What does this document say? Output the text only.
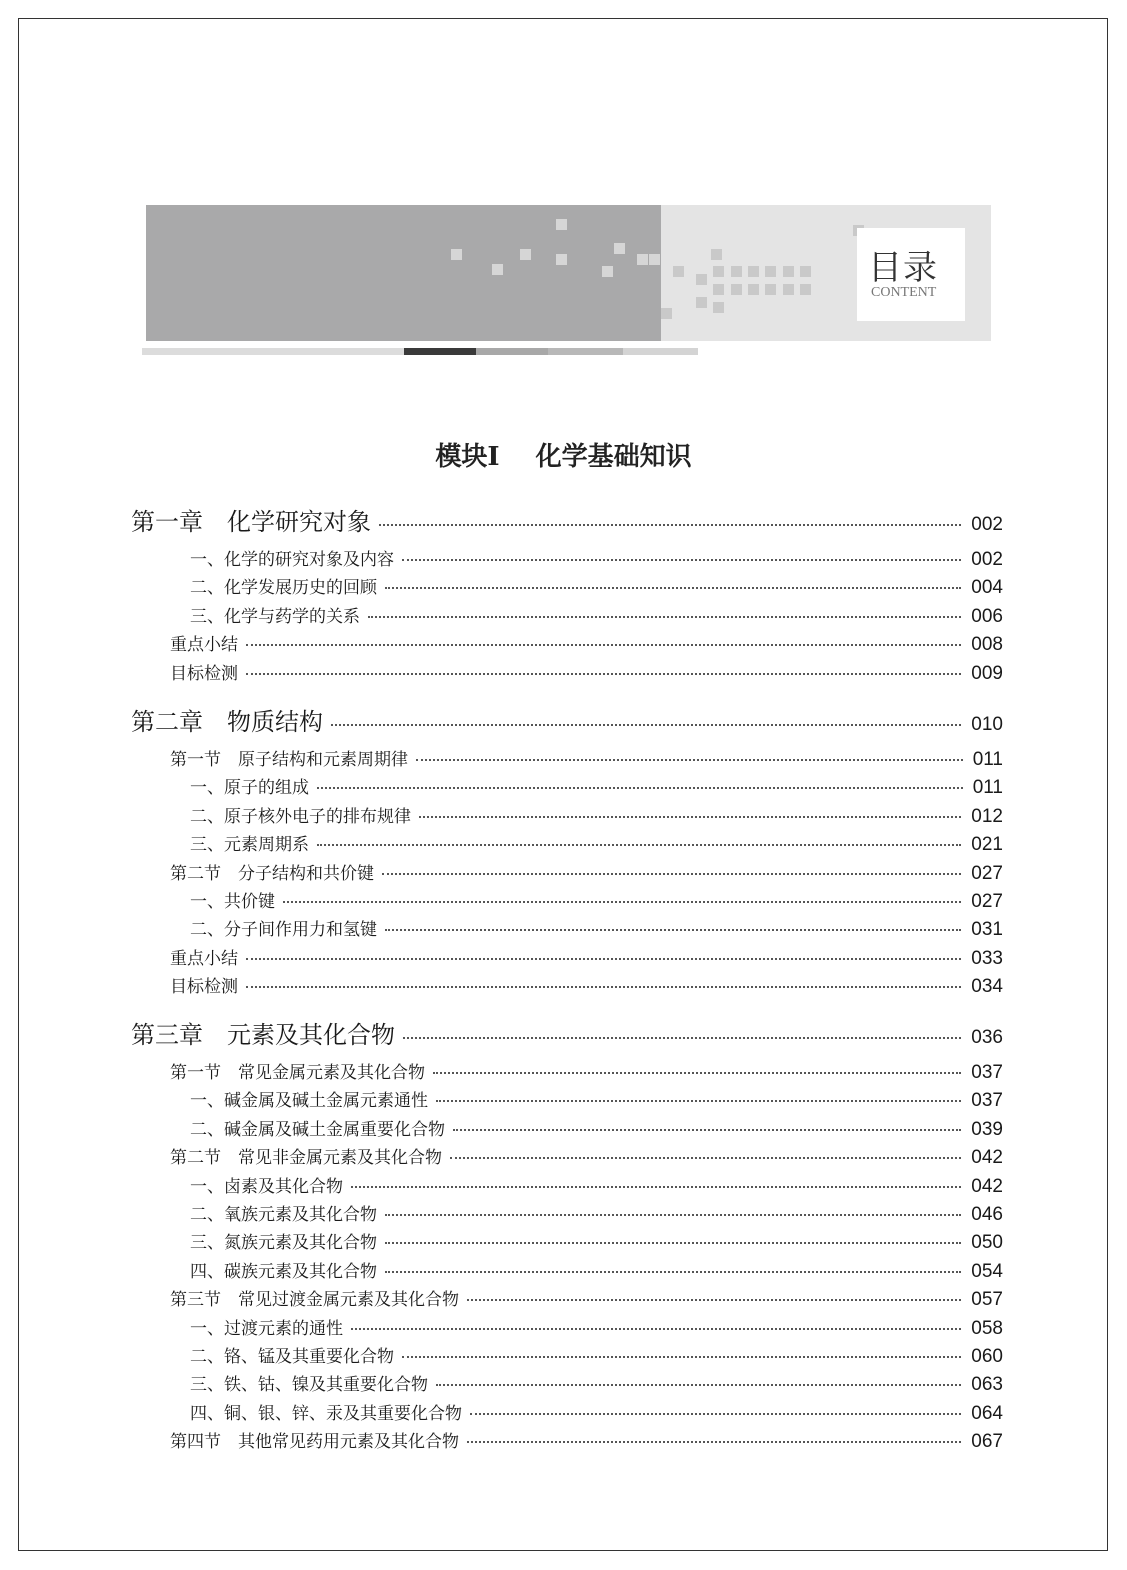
目录
CONTENT
模块Ⅰ 化学基础知识
第一章　化学研究对象	002
一、化学的研究对象及内容	002
二、化学发展历史的回顾	004
三、化学与药学的关系	006
重点小结	008
目标检测	009
第二章　物质结构	010
第一节　原子结构和元素周期律	011
一、原子的组成	011
二、原子核外电子的排布规律	012
三、元素周期系	021
第二节　分子结构和共价键	027
一、共价键	027
二、分子间作用力和氢键	031
重点小结	033
目标检测	034
第三章　元素及其化合物	036
第一节　常见金属元素及其化合物	037
一、碱金属及碱土金属元素通性	037
二、碱金属及碱土金属重要化合物	039
第二节　常见非金属元素及其化合物	042
一、卤素及其化合物	042
二、氧族元素及其化合物	046
三、氮族元素及其化合物	050
四、碳族元素及其化合物	054
第三节　常见过渡金属元素及其化合物	057
一、过渡元素的通性	058
二、铬、锰及其重要化合物	060
三、铁、钴、镍及其重要化合物	063
四、铜、银、锌、汞及其重要化合物	064
第四节　其他常见药用元素及其化合物	067
